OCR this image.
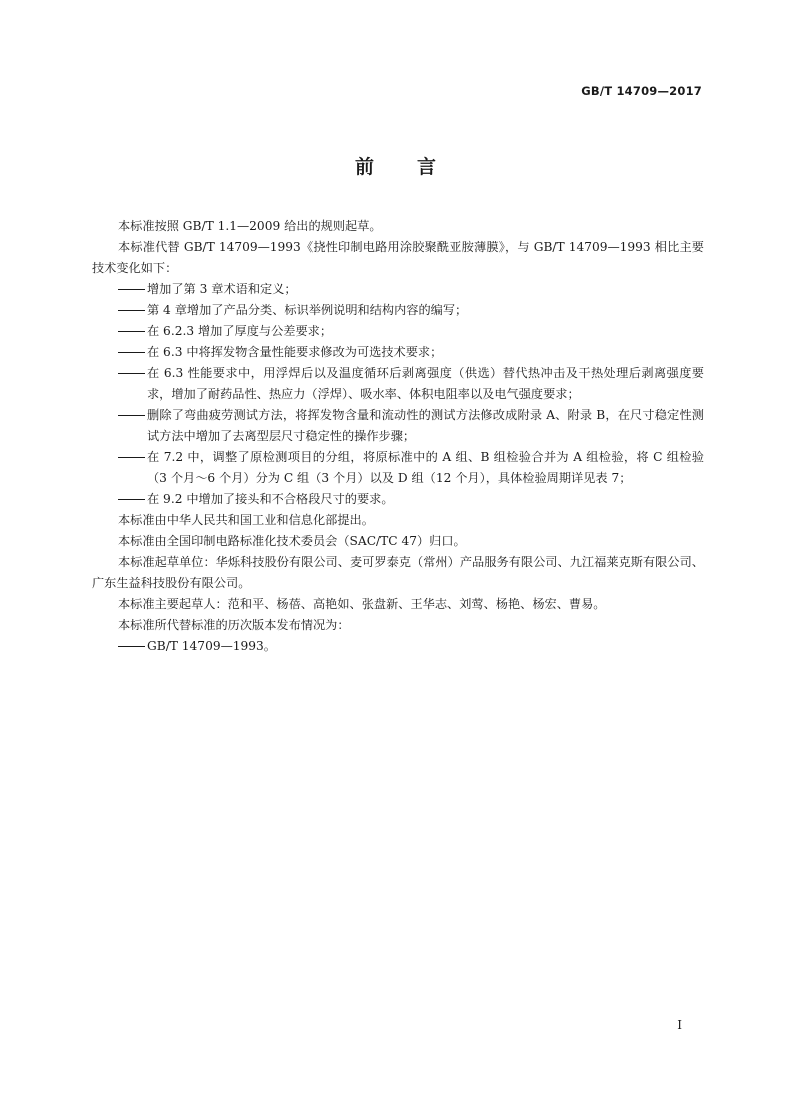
GB/T 14709—2017
前 言

本标准按照 GB/T 1.1—2009 给出的规则起草。

本标准代替 GB/T 14709—1993《挠性印制电路用涂胶聚酰亚胺薄膜》，与 GB/T 14709—1993 相比主要技术变化如下：

增加了第 3 章术语和定义；

第 4 章增加了产品分类、标识举例说明和结构内容的编写；

在 6.2.3 增加了厚度与公差要求；

在 6.3 中将挥发物含量性能要求修改为可选技术要求；

在 6.3 性能要求中，用浮焊后以及温度循环后剥离强度（供选）替代热冲击及干热处理后剥离强度要求，增加了耐药品性、热应力（浮焊）、吸水率、体积电阻率以及电气强度要求；

删除了弯曲疲劳测试方法，将挥发物含量和流动性的测试方法修改成附录 A、附录 B，在尺寸稳定性测试方法中增加了去离型层尺寸稳定性的操作步骤；

在 7.2 中，调整了原检测项目的分组，将原标准中的 A 组、B 组检验合并为 A 组检验，将 C 组检验（3 个月～6 个月）分为 C 组（3 个月）以及 D 组（12 个月），具体检验周期详见表 7；

在 9.2 中增加了接头和不合格段尺寸的要求。

本标准由中华人民共和国工业和信息化部提出。

本标准由全国印制电路标准化技术委员会（SAC/TC 47）归口。

本标准起草单位：华烁科技股份有限公司、麦可罗泰克（常州）产品服务有限公司、九江福莱克斯有限公司、广东生益科技股份有限公司。

本标准主要起草人：范和平、杨蓓、高艳如、张盘新、王华志、刘莺、杨艳、杨宏、曹易。

本标准所代替标准的历次版本发布情况为：

GB/T 14709—1993。

I
